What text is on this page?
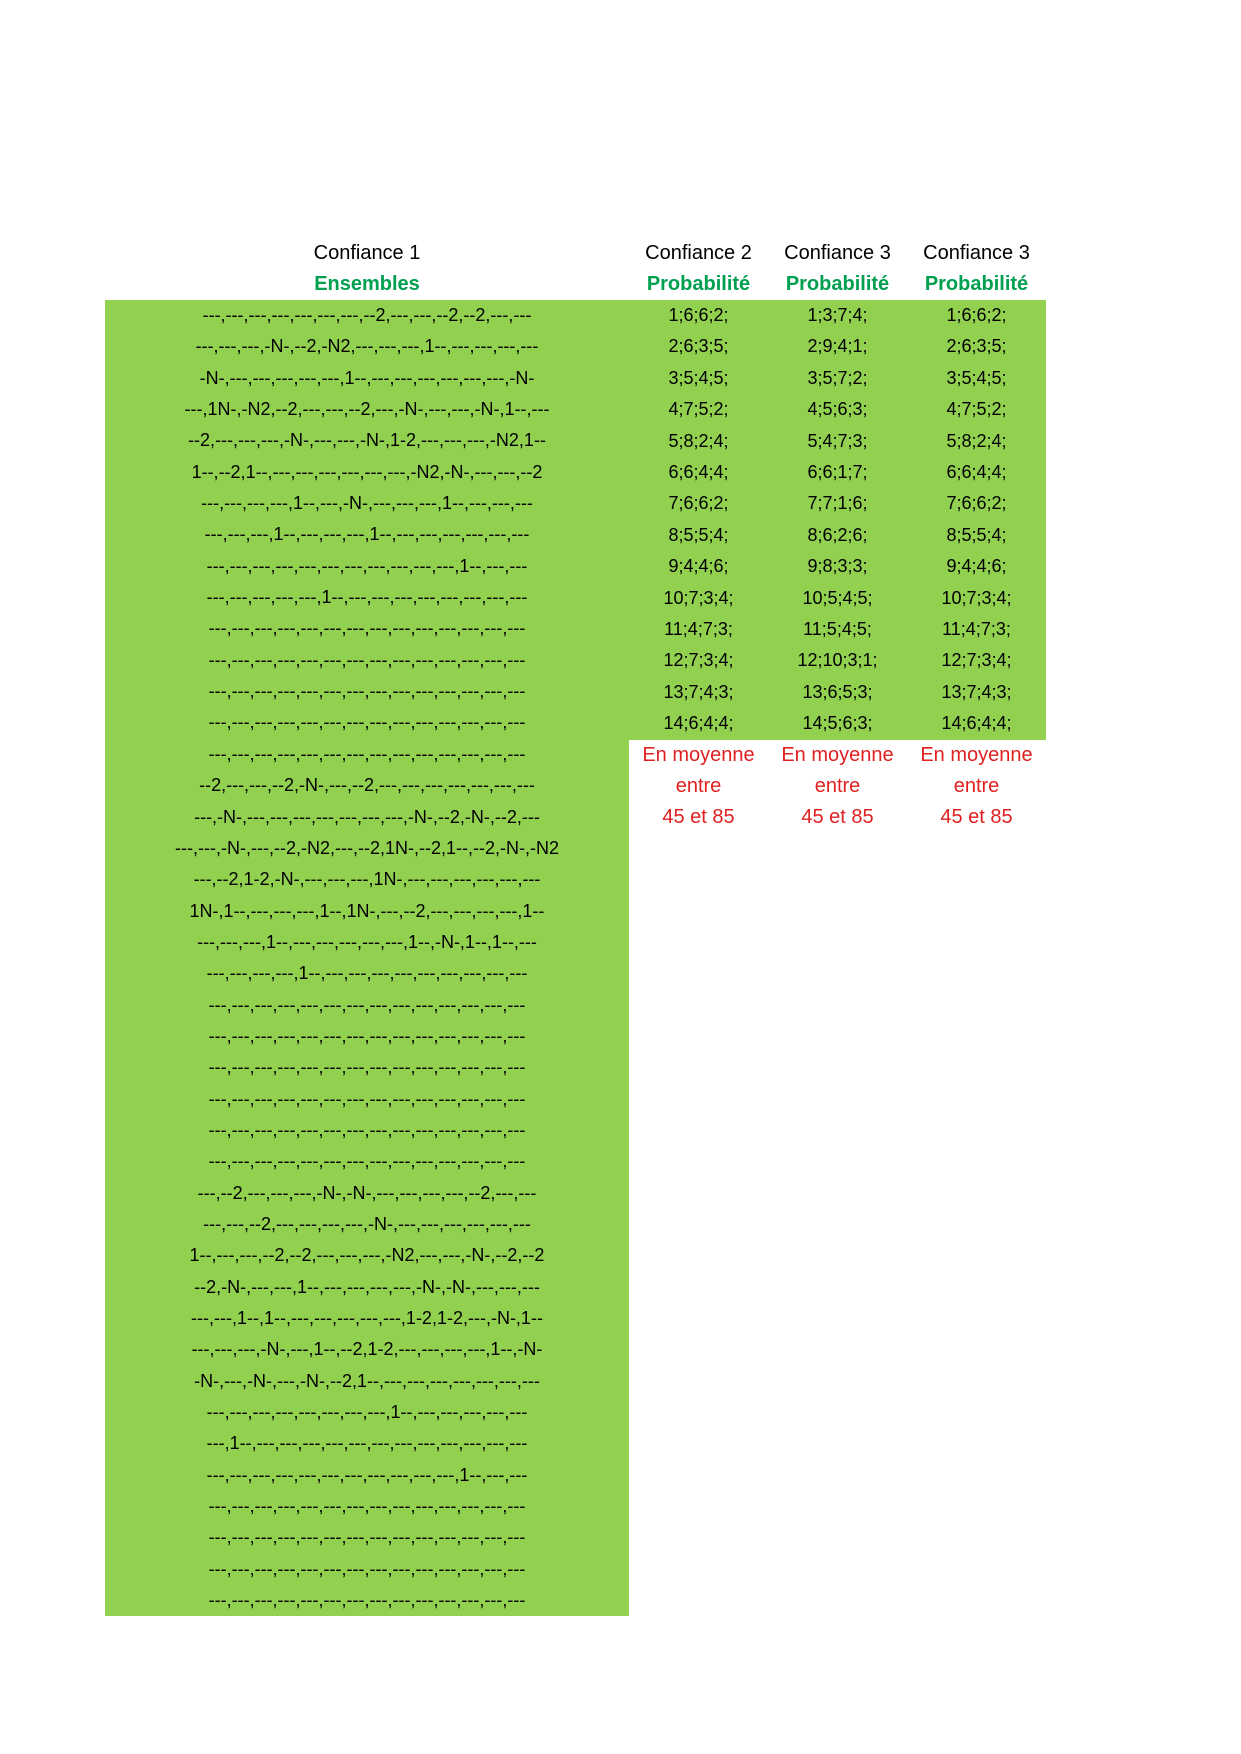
Confiance 1
Ensembles
Confiance 2
Probabilité
Confiance 3
Probabilité
Confiance 3
Probabilité
---,---,---,---,---,---,---,--2,---,---,--2,--2,---,---
---,---,---,-N-,--2,-N2,---,---,---,1--,---,---,---,---
-N-,---,---,---,---,---,1--,---,---,---,---,---,---,-N-
---,1N-,-N2,--2,---,---,--2,---,-N-,---,---,-N-,1--,---
--2,---,---,---,-N-,---,---,-N-,1-2,---,---,---,-N2,1--
1--,--2,1--,---,---,---,---,---,---,-N2,-N-,---,---,--2
---,---,---,---,1--,---,-N-,---,---,---,1--,---,---,---
---,---,---,1--,---,---,---,1--,---,---,---,---,---,---
---,---,---,---,---,---,---,---,---,---,---,1--,---,---
---,---,---,---,---,1--,---,---,---,---,---,---,---,---
---,---,---,---,---,---,---,---,---,---,---,---,---,---
---,---,---,---,---,---,---,---,---,---,---,---,---,---
---,---,---,---,---,---,---,---,---,---,---,---,---,---
---,---,---,---,---,---,---,---,---,---,---,---,---,---
---,---,---,---,---,---,---,---,---,---,---,---,---,---
--2,---,---,--2,-N-,---,--2,---,---,---,---,---,---,---
---,-N-,---,---,---,---,---,---,---,-N-,--2,-N-,--2,---
---,---,-N-,---,--2,-N2,---,--2,1N-,--2,1--,--2,-N-,-N2
---,--2,1-2,-N-,---,---,---,1N-,---,---,---,---,---,---
1N-,1--,---,---,---,1--,1N-,---,--2,---,---,---,---,1--
---,---,---,1--,---,---,---,---,---,1--,-N-,1--,1--,---
---,---,---,---,1--,---,---,---,---,---,---,---,---,---
---,---,---,---,---,---,---,---,---,---,---,---,---,---
---,---,---,---,---,---,---,---,---,---,---,---,---,---
---,---,---,---,---,---,---,---,---,---,---,---,---,---
---,---,---,---,---,---,---,---,---,---,---,---,---,---
---,---,---,---,---,---,---,---,---,---,---,---,---,---
---,---,---,---,---,---,---,---,---,---,---,---,---,---
---,--2,---,---,---,-N-,-N-,---,---,---,---,--2,---,---
---,---,--2,---,---,---,---,-N-,---,---,---,---,---,---
1--,---,---,--2,--2,---,---,---,-N2,---,---,-N-,--2,--2
--2,-N-,---,---,1--,---,---,---,---,-N-,-N-,---,---,---
---,---,1--,1--,---,---,---,---,---,1-2,1-2,---,-N-,1--
---,---,---,-N-,---,1--,--2,1-2,---,---,---,---,1--,-N-
-N-,---,-N-,---,-N-,--2,1--,---,---,---,---,---,---,---
---,---,---,---,---,---,---,---,1--,---,---,---,---,---
---,1--,---,---,---,---,---,---,---,---,---,---,---,---
---,---,---,---,---,---,---,---,---,---,---,1--,---,---
---,---,---,---,---,---,---,---,---,---,---,---,---,---
---,---,---,---,---,---,---,---,---,---,---,---,---,---
---,---,---,---,---,---,---,---,---,---,---,---,---,---
---,---,---,---,---,---,---,---,---,---,---,---,---,---
1;6;6;2;
2;6;3;5;
3;5;4;5;
4;7;5;2;
5;8;2;4;
6;6;4;4;
7;6;6;2;
8;5;5;4;
9;4;4;6;
10;7;3;4;
11;4;7;3;
12;7;3;4;
13;7;4;3;
14;6;4;4;
1;3;7;4;
2;9;4;1;
3;5;7;2;
4;5;6;3;
5;4;7;3;
6;6;1;7;
7;7;1;6;
8;6;2;6;
9;8;3;3;
10;5;4;5;
11;5;4;5;
12;10;3;1;
13;6;5;3;
14;5;6;3;
1;6;6;2;
2;6;3;5;
3;5;4;5;
4;7;5;2;
5;8;2;4;
6;6;4;4;
7;6;6;2;
8;5;5;4;
9;4;4;6;
10;7;3;4;
11;4;7;3;
12;7;3;4;
13;7;4;3;
14;6;4;4;
En moyenne
entre
45 et 85
En moyenne
entre
45 et 85
En moyenne
entre
45 et 85
